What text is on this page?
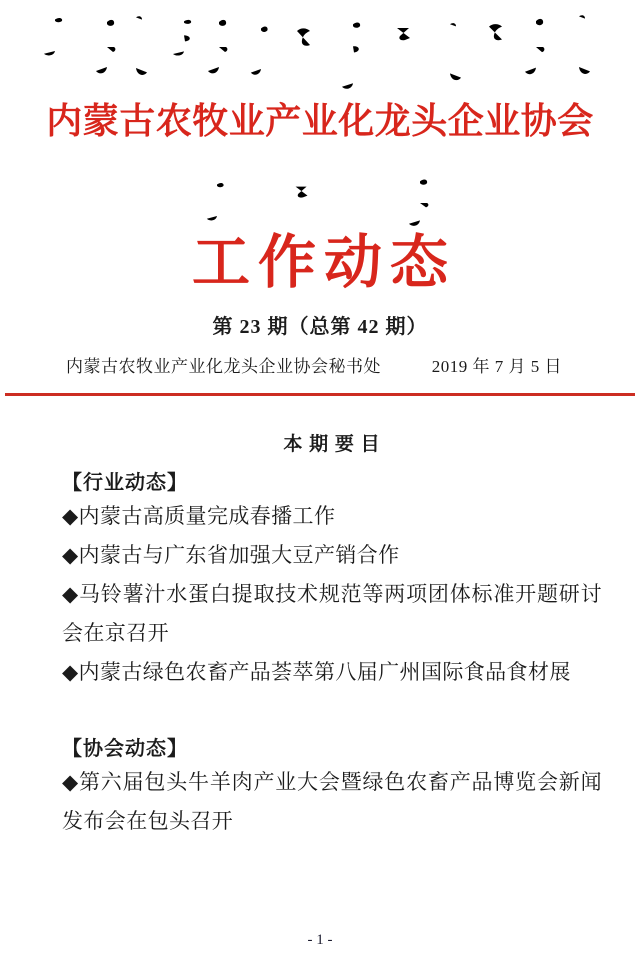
内蒙古农牧业产业化龙头企业协会
工作动态
第 23 期（总第 42 期）
内蒙古农牧业产业化龙头企业协会秘书处	2019 年 7 月 5 日
本 期 要 目
【行业动态】

◆内蒙古高质量完成春播工作

◆内蒙古与广东省加强大豆产销合作

◆马铃薯汁水蛋白提取技术规范等两项团体标准开题研讨会在京召开

◆内蒙古绿色农畜产品荟萃第八届广州国际食品食材展

【协会动态】

◆第六届包头牛羊肉产业大会暨绿色农畜产品博览会新闻发布会在包头召开

- 1 -
